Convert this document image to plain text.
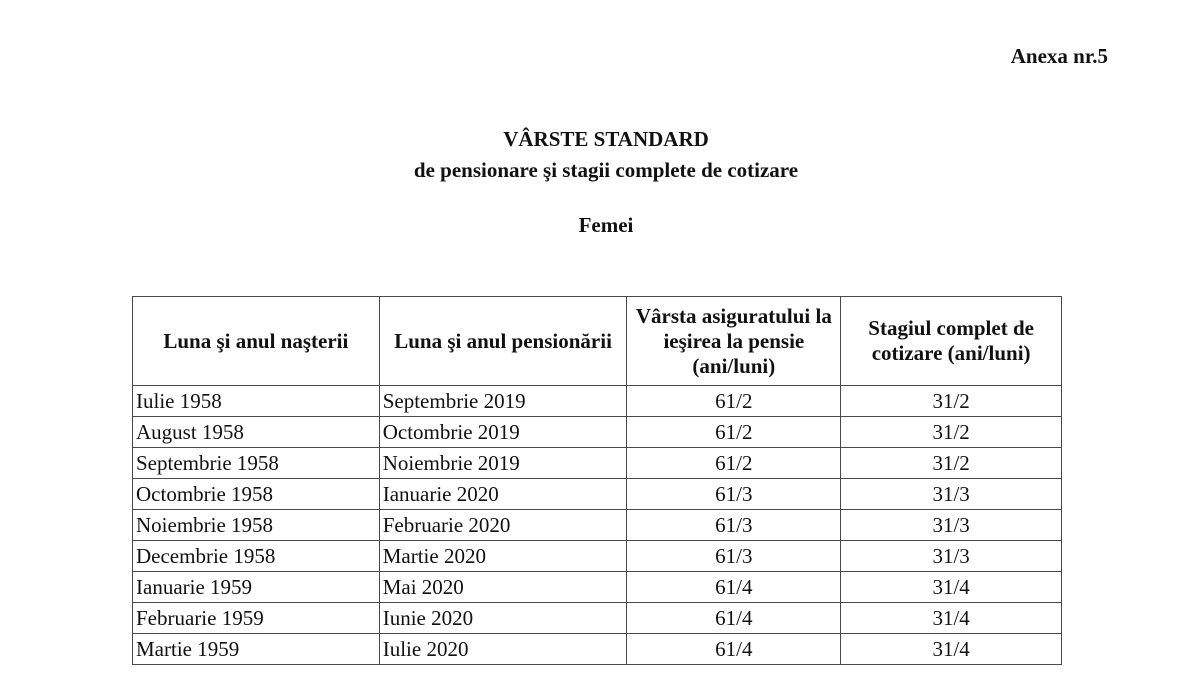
Anexa nr.5
VÂRSTE STANDARD
de pensionare şi stagii complete de cotizare
Femei
Luna şi anul naşterii	Luna şi anul pensionării	Vârsta asiguratului la ieşirea la pensie (ani/luni)	Stagiul complet de cotizare (ani/luni)
Iulie 1958	Septembrie 2019	61/2	31/2
August 1958	Octombrie 2019	61/2	31/2
Septembrie 1958	Noiembrie 2019	61/2	31/2
Octombrie 1958	Ianuarie 2020	61/3	31/3
Noiembrie 1958	Februarie 2020	61/3	31/3
Decembrie 1958	Martie 2020	61/3	31/3
Ianuarie 1959	Mai 2020	61/4	31/4
Februarie 1959	Iunie 2020	61/4	31/4
Martie 1959	Iulie 2020	61/4	31/4
